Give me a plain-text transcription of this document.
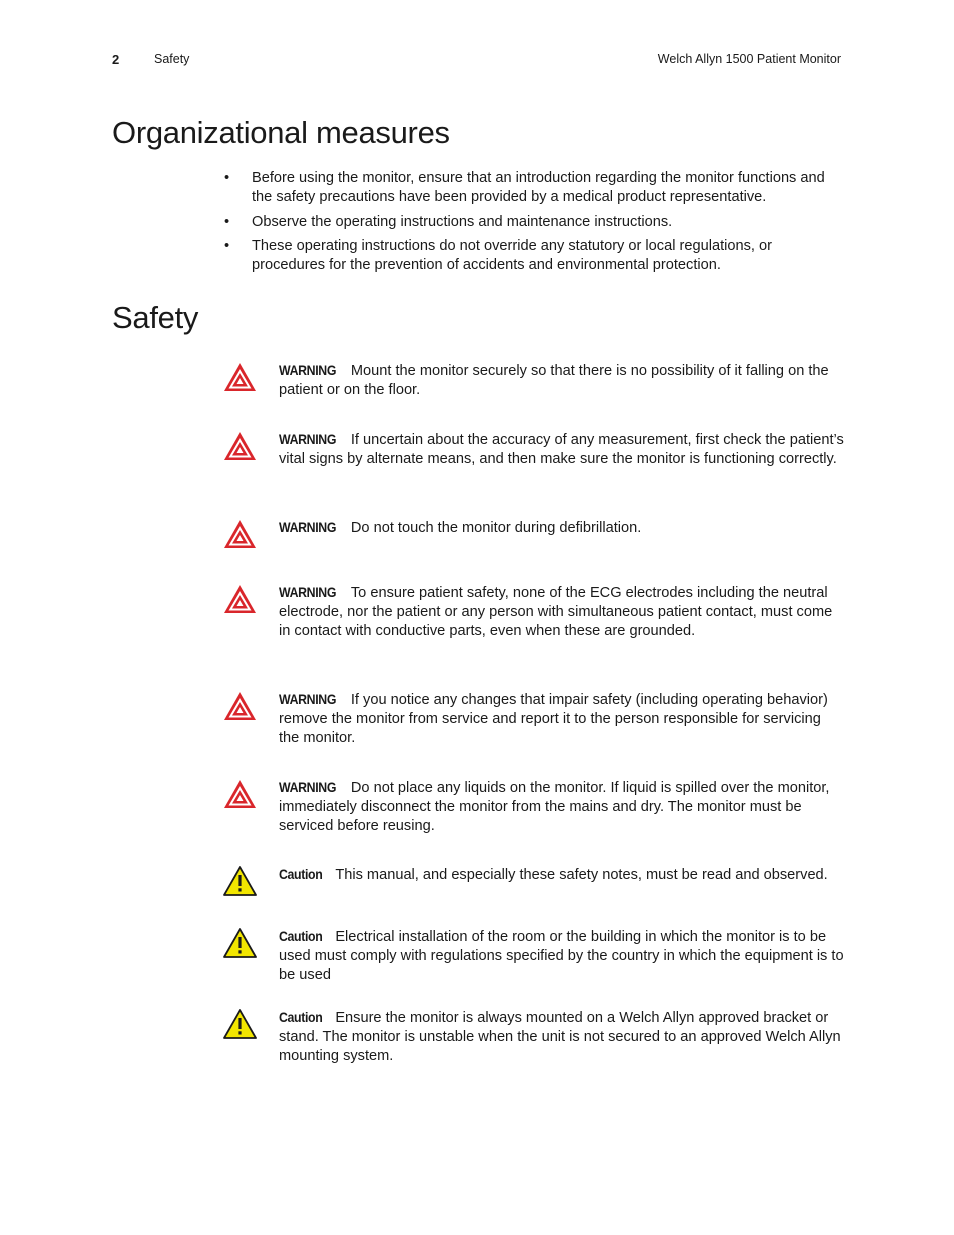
2	Safety	Welch Allyn 1500 Patient Monitor
Organizational measures
• Before using the monitor, ensure that an introduction regarding the monitor functions and the safety precautions have been provided by a medical product representative.
• Observe the operating instructions and maintenance instructions.
• These operating instructions do not override any statutory or local regulations, or procedures for the prevention of accidents and environmental protection.
Safety
WARNING Mount the monitor securely so that there is no possibility of it falling on the patient or on the floor.
WARNING If uncertain about the accuracy of any measurement, first check the patient’s vital signs by alternate means, and then make sure the monitor is functioning correctly.
WARNING Do not touch the monitor during defibrillation.
WARNING To ensure patient safety, none of the ECG electrodes including the neutral electrode, nor the patient or any person with simultaneous patient contact, must come in contact with conductive parts, even when these are grounded.
WARNING If you notice any changes that impair safety (including operating behavior) remove the monitor from service and report it to the person responsible for servicing the monitor.
WARNING Do not place any liquids on the monitor. If liquid is spilled over the monitor, immediately disconnect the monitor from the mains and dry. The monitor must be serviced before reusing.
Caution This manual, and especially these safety notes, must be read and observed.
Caution Electrical installation of the room or the building in which the monitor is to be used must comply with regulations specified by the country in which the equipment is to be used
Caution Ensure the monitor is always mounted on a Welch Allyn approved bracket or stand. The monitor is unstable when the unit is not secured to an approved Welch Allyn mounting system.
